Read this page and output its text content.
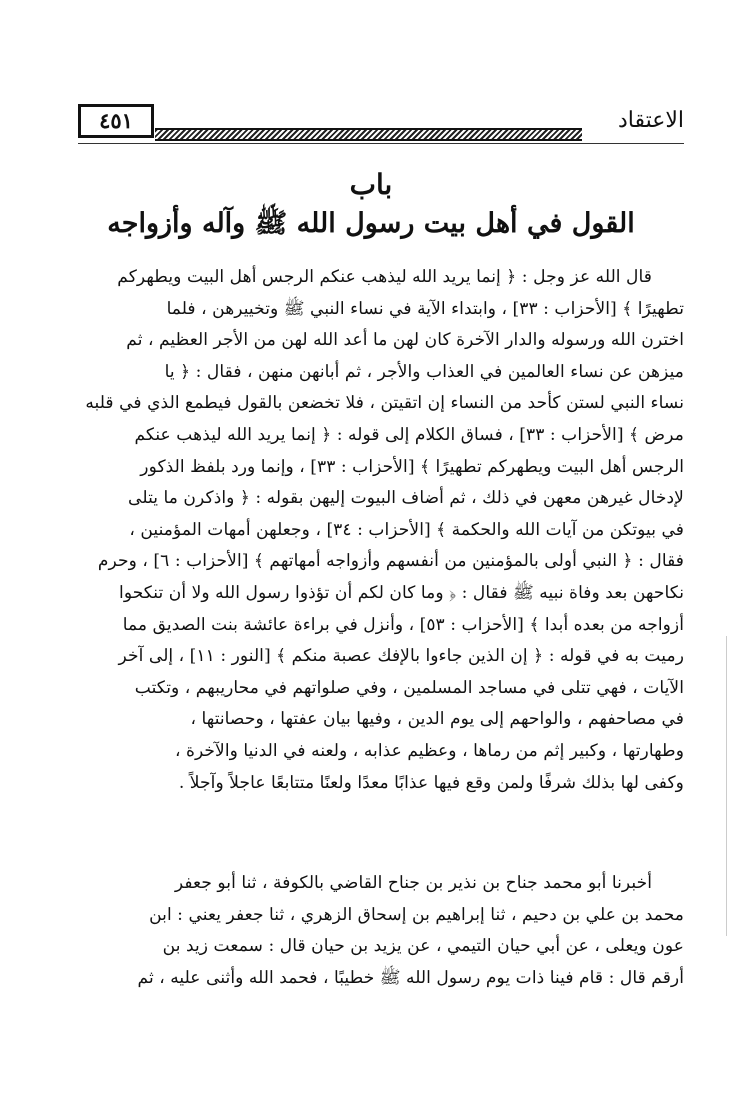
الاعتقاد
٤٥١
باب
القول في أهل بيت رسول الله ﷺ وآله وأزواجه
قال الله عز وجل : ﴿ إنما يريد الله ليذهب عنكم الرجس أهل البيت ويطهركم
تطهيرًا ﴾ [الأحزاب : ٣٣] ، وابتداء الآية في نساء النبي ﷺ وتخييرهن ، فلما
اخترن الله ورسوله والدار الآخرة كان لهن ما أعد الله لهن من الأجر العظيم ، ثم
ميزهن عن نساء العالمين في العذاب والأجر ، ثم أبانهن منهن ، فقال : ﴿ يا
نساء النبي لستن كأحد من النساء إن اتقيتن ، فلا تخضعن بالقول فيطمع الذي في قلبه
مرض ﴾ [الأحزاب : ٣٣] ، فساق الكلام إلى قوله : ﴿ إنما يريد الله ليذهب عنكم
الرجس أهل البيت ويطهركم تطهيرًا ﴾ [الأحزاب : ٣٣] ، وإنما ورد بلفظ الذكور
لإدخال غيرهن معهن في ذلك ، ثم أضاف البيوت إليهن بقوله : ﴿ واذكرن ما يتلى
في بيوتكن من آيات الله والحكمة ﴾ [الأحزاب : ٣٤] ، وجعلهن أمهات المؤمنين ،
فقال : ﴿ النبي أولى بالمؤمنين من أنفسهم وأزواجه أمهاتهم ﴾ [الأحزاب : ٦] ، وحرم
نكاحهن بعد وفاة نبيه ﷺ فقال : ﴿ وما كان لكم أن تؤذوا رسول الله ولا أن تنكحوا
أزواجه من بعده أبدا ﴾ [الأحزاب : ٥٣] ، وأنزل في براءة عائشة بنت الصديق مما
رميت به في قوله : ﴿ إن الذين جاءوا بالإفك عصبة منكم ﴾ [النور : ١١] ، إلى آخر
الآيات ، فهي تتلى في مساجد المسلمين ، وفي صلواتهم في محاريبهم ، وتكتب
في مصاحفهم ، والواحهم إلى يوم الدين ، وفيها بيان عفتها ، وحصانتها ،
وطهارتها ، وكبير إثم من رماها ، وعظيم عذابه ، ولعنه في الدنيا والآخرة ،
وكفى لها بذلك شرفًا ولمن وقع فيها عذابًا معدًا ولعنًا متتابعًا عاجلاً وآجلاً .
أخبرنا أبو محمد جناح بن نذير بن جناح القاضي بالكوفة ، ثنا أبو جعفر
محمد بن علي بن دحيم ، ثنا إبراهيم بن إسحاق الزهري ، ثنا جعفر يعني : ابن
عون ويعلى ، عن أبي حيان التيمي ، عن يزيد بن حيان قال : سمعت زيد بن
أرقم قال : قام فينا ذات يوم رسول الله ﷺ خطيبًا ، فحمد الله وأثنى عليه ، ثم
